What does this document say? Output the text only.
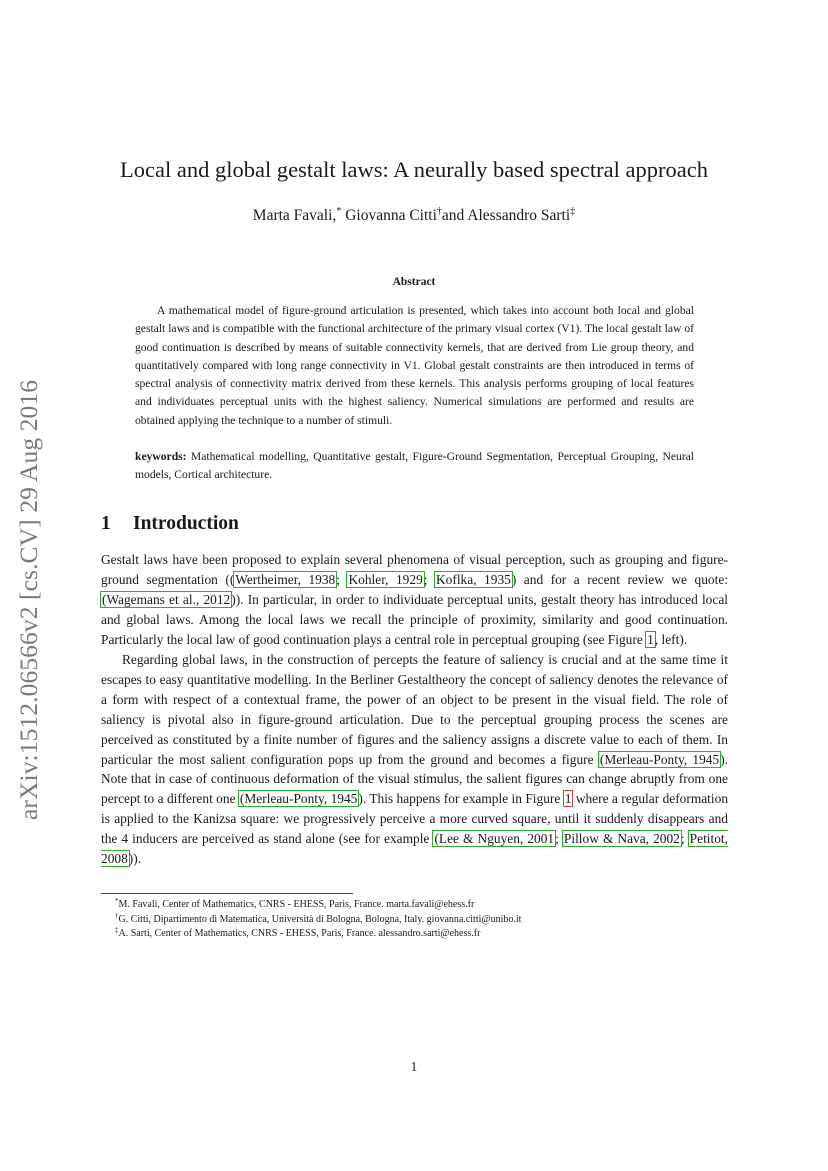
arXiv:1512.06566v2 [cs.CV] 29 Aug 2016
Local and global gestalt laws: A neurally based spectral approach
Marta Favali,* Giovanna Citti†and Alessandro Sarti‡
Abstract

A mathematical model of figure-ground articulation is presented, which takes into account both local and global gestalt laws and is compatible with the functional architecture of the primary visual cortex (V1). The local gestalt law of good continuation is described by means of suitable connectivity kernels, that are derived from Lie group theory, and quantitatively compared with long range connectivity in V1. Global gestalt constraints are then introduced in terms of spectral analysis of connectivity matrix derived from these kernels. This analysis performs grouping of local features and individuates perceptual units with the highest saliency. Numerical simulations are performed and results are obtained applying the technique to a number of stimuli.

keywords: Mathematical modelling, Quantitative gestalt, Figure-Ground Segmentation, Perceptual Grouping, Neural models, Cortical architecture.

1 Introduction

Gestalt laws have been proposed to explain several phenomena of visual perception, such as grouping and figure-ground segmentation ((Wertheimer, 1938; Kohler, 1929; Koflka, 1935) and for a recent review we quote: (Wagemans et al., 2012)). In particular, in order to individuate perceptual units, gestalt theory has introduced local and global laws. Among the local laws we recall the principle of proximity, similarity and good continuation. Particularly the local law of good continuation plays a central role in perceptual grouping (see Figure 1, left).

Regarding global laws, in the construction of percepts the feature of saliency is crucial and at the same time it escapes to easy quantitative modelling. In the Berliner Gestaltheory the concept of saliency denotes the relevance of a form with respect of a contextual frame, the power of an object to be present in the visual field. The role of saliency is pivotal also in figure-ground articulation. Due to the perceptual grouping process the scenes are perceived as constituted by a finite number of figures and the saliency assigns a discrete value to each of them. In particular the most salient configuration pops up from the ground and becomes a figure (Merleau-Ponty, 1945). Note that in case of continuous deformation of the visual stimulus, the salient figures can change abruptly from one percept to a different one (Merleau-Ponty, 1945). This happens for example in Figure 1 where a regular deformation is applied to the Kanizsa square: we progressively perceive a more curved square, until it suddenly disappears and the 4 inducers are perceived as stand alone (see for example (Lee & Nguyen, 2001; Pillow & Nava, 2002; Petitot, 2008)).

*M. Favali, Center of Mathematics, CNRS - EHESS, Paris, France. marta.favali@ehess.fr
†G. Citti, Dipartimento di Matematica, Università di Bologna, Bologna, Italy. giovanna.citti@unibo.it
‡A. Sarti, Center of Mathematics, CNRS - EHESS, Paris, France. alessandro.sarti@ehess.fr
1
